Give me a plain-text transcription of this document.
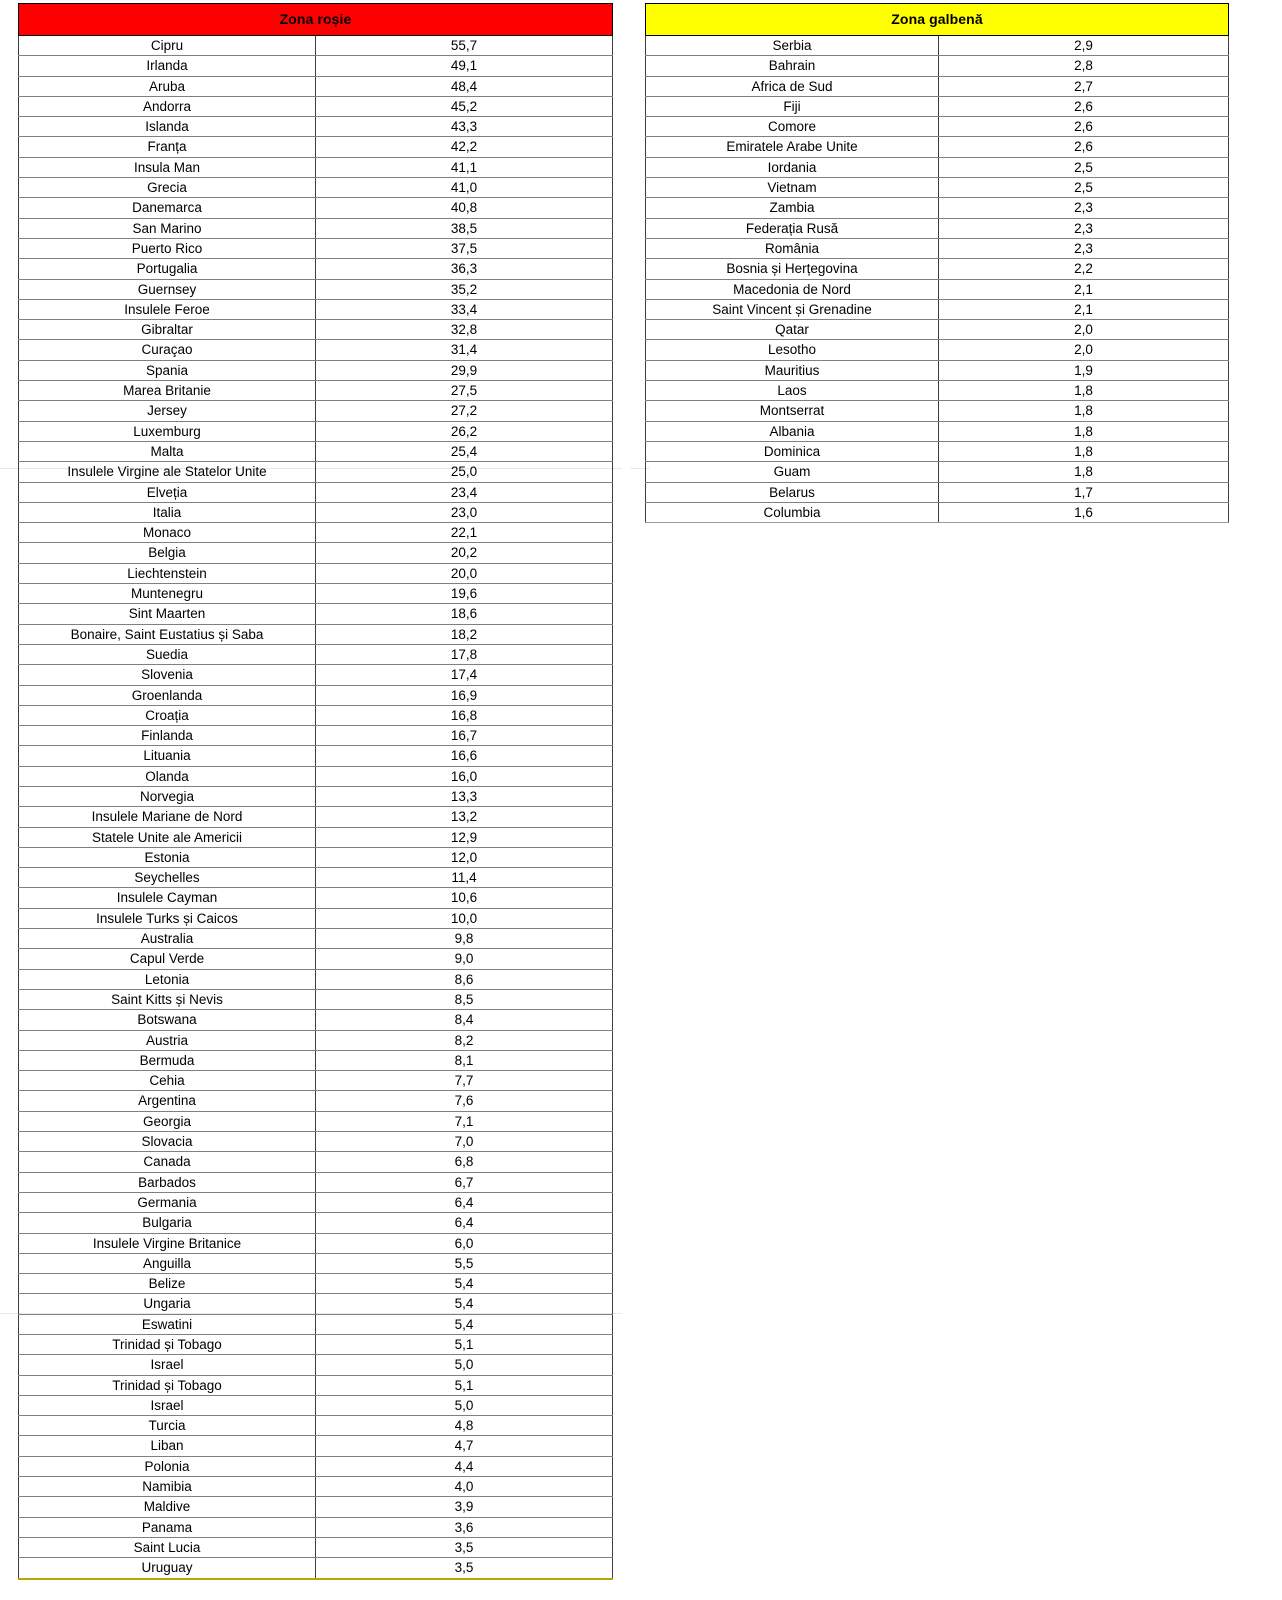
Zona roșie	
Cipru	55,7
Irlanda	49,1
Aruba	48,4
Andorra	45,2
Islanda	43,3
Franța	42,2
Insula Man	41,1
Grecia	41,0
Danemarca	40,8
San Marino	38,5
Puerto Rico	37,5
Portugalia	36,3
Guernsey	35,2
Insulele Feroe	33,4
Gibraltar	32,8
Curaçao	31,4
Spania	29,9
Marea Britanie	27,5
Jersey	27,2
Luxemburg	26,2
Malta	25,4
Insulele Virgine ale Statelor Unite	25,0
Elveția	23,4
Italia	23,0
Monaco	22,1
Belgia	20,2
Liechtenstein	20,0
Muntenegru	19,6
Sint Maarten	18,6
Bonaire, Saint Eustatius și Saba	18,2
Suedia	17,8
Slovenia	17,4
Groenlanda	16,9
Croația	16,8
Finlanda	16,7
Lituania	16,6
Olanda	16,0
Norvegia	13,3
Insulele Mariane de Nord	13,2
Statele Unite ale Americii	12,9
Estonia	12,0
Seychelles	11,4
Insulele Cayman	10,6
Insulele Turks și Caicos	10,0
Australia	9,8
Capul Verde	9,0
Letonia	8,6
Saint Kitts și Nevis	8,5
Botswana	8,4
Austria	8,2
Bermuda	8,1
Cehia	7,7
Argentina	7,6
Georgia	7,1
Slovacia	7,0
Canada	6,8
Barbados	6,7
Germania	6,4
Bulgaria	6,4
Insulele Virgine Britanice	6,0
Anguilla	5,5
Belize	5,4
Ungaria	5,4
Eswatini	5,4
Trinidad și Tobago	5,1
Israel	5,0
Trinidad și Tobago	5,1
Israel	5,0
Turcia	4,8
Liban	4,7
Polonia	4,4
Namibia	4,0
Maldive	3,9
Panama	3,6
Saint Lucia	3,5
Uruguay	3,5
Zona galbenă	
Serbia	2,9
Bahrain	2,8
Africa de Sud	2,7
Fiji	2,6
Comore	2,6
Emiratele Arabe Unite	2,6
Iordania	2,5
Vietnam	2,5
Zambia	2,3
Federația Rusă	2,3
România	2,3
Bosnia și Herțegovina	2,2
Macedonia de Nord	2,1
Saint Vincent și Grenadine	2,1
Qatar	2,0
Lesotho	2,0
Mauritius	1,9
Laos	1,8
Montserrat	1,8
Albania	1,8
Dominica	1,8
Guam	1,8
Belarus	1,7
Columbia	1,6
